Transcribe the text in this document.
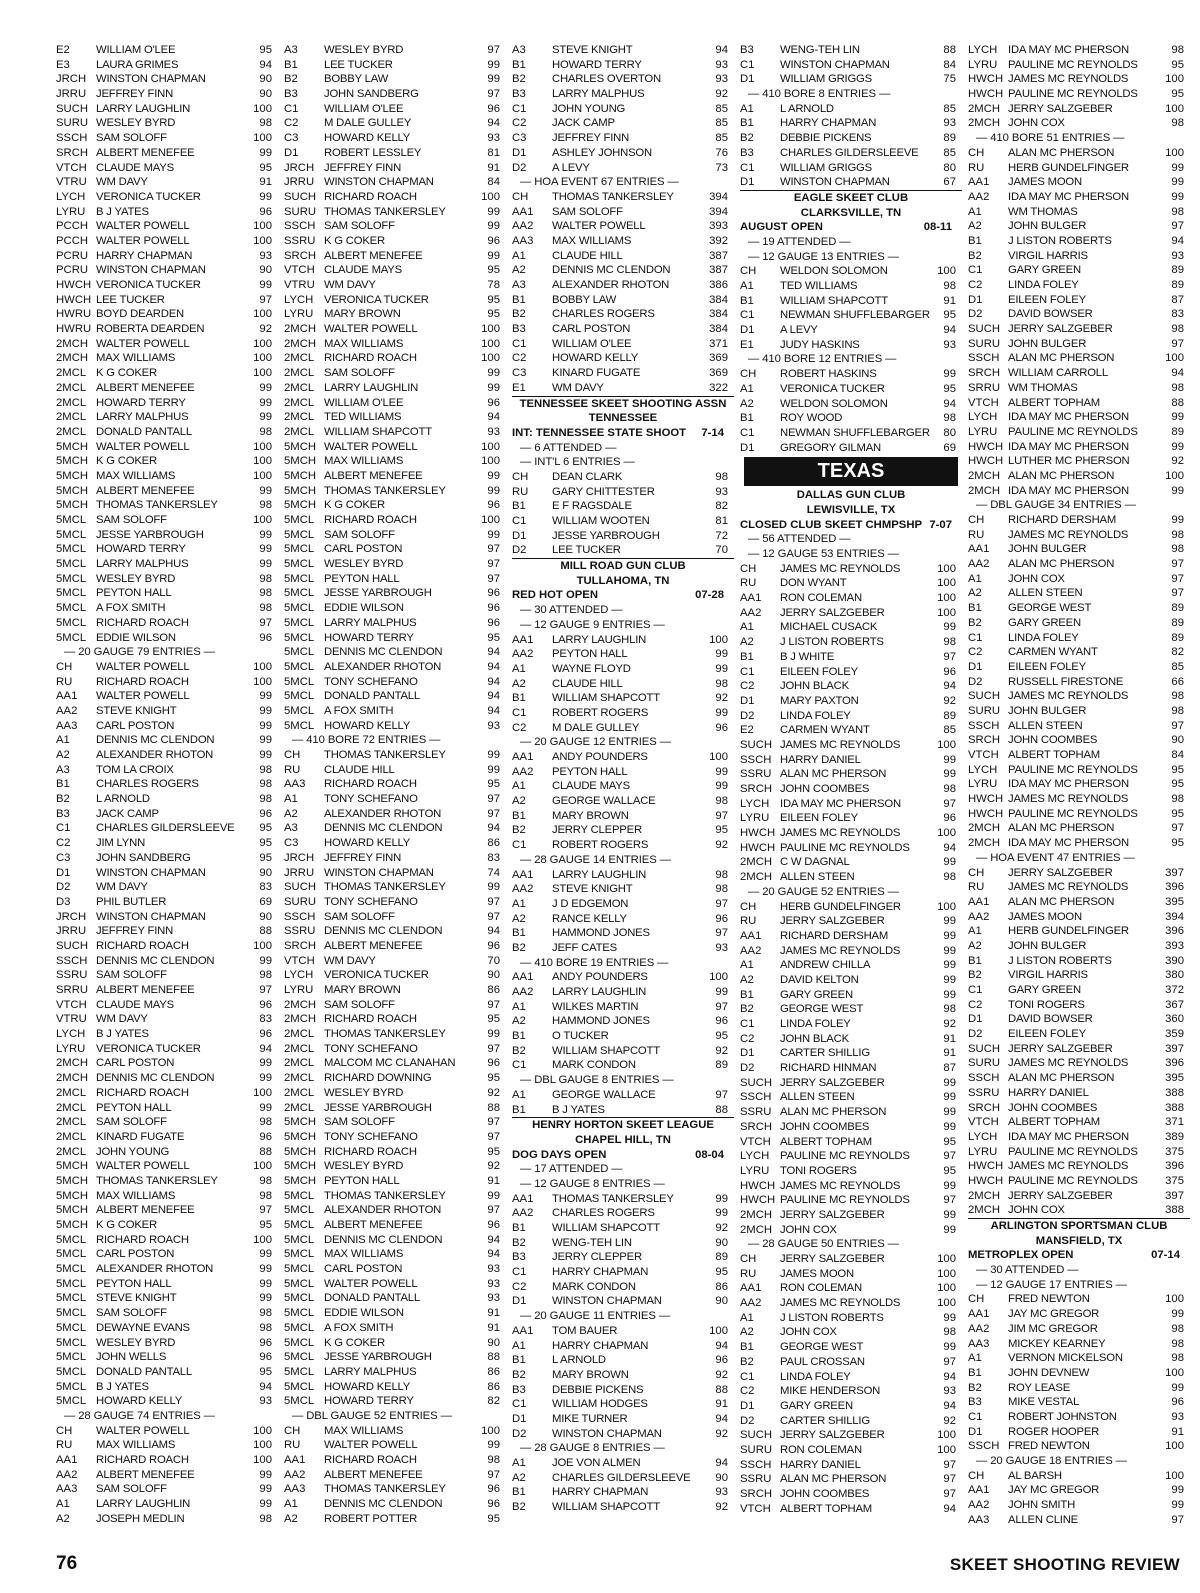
E2 WILLIAM O'LEE	95
E3 LAURA GRIMES	94
JRCH WINSTON CHAPMAN	90
JRRU JEFFREY FINN	90
SUCH LARRY LAUGHLIN	100
SURU WESLEY BYRD	98
SSCH SAM SOLOFF	100
SRCH ALBERT MENEFEE	99
VTCH CLAUDE MAYS	95
VTRU WM DAVY	91
LYCH VERONICA TUCKER	99
LYRU B J YATES	96
PCCH WALTER POWELL	100
PCCH WALTER POWELL	100
PCRU HARRY CHAPMAN	93
PCRU WINSTON CHAPMAN	90
HWCH VERONICA TUCKER	99
HWCH LEE TUCKER	97
HWRU BOYD DEARDEN	100
HWRU ROBERTA DEARDEN	92
2MCH WALTER POWELL	100
2MCH MAX WILLIAMS	100
2MCL K G COKER	100
2MCL ALBERT MENEFEE	99
2MCL HOWARD TERRY	99
2MCL LARRY MALPHUS	99
2MCL DONALD PANTALL	98
5MCH WALTER POWELL	100
5MCH K G COKER	100
5MCH MAX WILLIAMS	100
5MCH ALBERT MENEFEE	99
5MCH THOMAS TANKERSLEY	98
5MCL SAM SOLOFF	100
5MCL JESSE YARBROUGH	99
5MCL HOWARD TERRY	99
5MCL LARRY MALPHUS	99
5MCL WESLEY BYRD	98
5MCL PEYTON HALL	98
5MCL A FOX SMITH	98
5MCL RICHARD ROACH	97
5MCL EDDIE WILSON	96
— 20 GAUGE 79 ENTRIES —
CH WALTER POWELL	100
RU RICHARD ROACH	100
AA1 WALTER POWELL	99
AA2 STEVE KNIGHT	99
AA3 CARL POSTON	99
A1 DENNIS MC CLENDON	99
A2 ALEXANDER RHOTON	99
A3 TOM LA CROIX	98
B1 CHARLES ROGERS	98
B2 L ARNOLD	98
B3 JACK CAMP	96
C1 CHARLES GILDERSLEEVE 95
C2 JIM LYNN	95
C3 JOHN SANDBERG	95
D1 WINSTON CHAPMAN	90
D2 WM DAVY	83
D3 PHIL BUTLER	69
JRCH WINSTON CHAPMAN	90
JRRU JEFFREY FINN	88
SUCH RICHARD ROACH	100
SSCH DENNIS MC CLENDON	99
SSRU SAM SOLOFF	98
SRRU ALBERT MENEFEE	97
VTCH CLAUDE MAYS	96
VTRU WM DAVY	83
LYCH B J YATES	96
LYRU VERONICA TUCKER	94
2MCH CARL POSTON	99
2MCH DENNIS MC CLENDON	99
2MCL RICHARD ROACH	100
2MCL PEYTON HALL	99
2MCL SAM SOLOFF	98
2MCL KINARD FUGATE	96
2MCL JOHN YOUNG	88
5MCH WALTER POWELL	100
5MCH THOMAS TANKERSLEY	98
5MCH MAX WILLIAMS	98
5MCH ALBERT MENEFEE	97
5MCH K G COKER	95
5MCL RICHARD ROACH	100
5MCL CARL POSTON	99
5MCL ALEXANDER RHOTON	99
5MCL PEYTON HALL	99
5MCL STEVE KNIGHT	99
5MCL SAM SOLOFF	98
5MCL DEWAYNE EVANS	98
5MCL WESLEY BYRD	96
5MCL JOHN WELLS	96
5MCL DONALD PANTALL	95
5MCL B J YATES	94
5MCL HOWARD KELLY	93
— 28 GAUGE 74 ENTRIES —
CH WALTER POWELL	100
RU MAX WILLIAMS	100
AA1 RICHARD ROACH	100
AA2 ALBERT MENEFEE	99
AA3 SAM SOLOFF	99
A1 LARRY LAUGHLIN	99
A2 JOSEPH MEDLIN	98
A3 WESLEY BYRD	97
B1 LEE TUCKER	99
B2 BOBBY LAW	99
B3 JOHN SANDBERG	97
C1 WILLIAM O'LEE	96
C2 M DALE GULLEY	94
C3 HOWARD KELLY	93
D1 ROBERT LESSLEY	81
JRCH JEFFREY FINN	91
JRRU WINSTON CHAPMAN	84
SUCH RICHARD ROACH	100
SURU THOMAS TANKERSLEY	99
SSCH SAM SOLOFF	99
SSRU K G COKER	96
SRCH ALBERT MENEFEE	99
VTCH CLAUDE MAYS	95
VTRU WM DAVY	78
LYCH VERONICA TUCKER	95
LYRU MARY BROWN	95
2MCH WALTER POWELL	100
2MCH MAX WILLIAMS	100
2MCL RICHARD ROACH	100
2MCL SAM SOLOFF	99
2MCL LARRY LAUGHLIN	99
2MCL WILLIAM O'LEE	96
2MCL TED WILLIAMS	94
2MCL WILLIAM SHAPCOTT	93
5MCH WALTER POWELL	100
5MCH MAX WILLIAMS	100
5MCH ALBERT MENEFEE	99
5MCH THOMAS TANKERSLEY	99
5MCH K G COKER	96
5MCL RICHARD ROACH	100
5MCL SAM SOLOFF	99
5MCL CARL POSTON	97
5MCL WESLEY BYRD	97
5MCL PEYTON HALL	97
5MCL JESSE YARBROUGH	96
5MCL EDDIE WILSON	96
5MCL LARRY MALPHUS	96
5MCL HOWARD TERRY	95
5MCL DENNIS MC CLENDON	94
5MCL ALEXANDER RHOTON	94
5MCL TONY SCHEFANO	94
5MCL DONALD PANTALL	94
5MCL A FOX SMITH	94
5MCL HOWARD KELLY	93
— 410 BORE 72 ENTRIES —
CH THOMAS TANKERSLEY	99
RU CLAUDE HILL	99
AA3 RICHARD ROACH	95
A1 TONY SCHEFANO	97
A2 ALEXANDER RHOTON	97
A3 DENNIS MC CLENDON	94
C3 HOWARD KELLY	86
JRCH JEFFREY FINN	83
JRRU WINSTON CHAPMAN	74
SUCH THOMAS TANKERSLEY	99
SURU TONY SCHEFANO	97
SSCH SAM SOLOFF	97
SSRU DENNIS MC CLENDON	94
SRCH ALBERT MENEFEE	96
VTCH WM DAVY	70
LYCH VERONICA TUCKER	90
LYRU MARY BROWN	86
2MCH SAM SOLOFF	97
2MCH RICHARD ROACH	95
2MCL THOMAS TANKERSLEY	99
2MCL TONY SCHEFANO	97
2MCL MALCOM MC CLANAHAN	96
2MCL RICHARD DOWNING	95
2MCL WESLEY BYRD	92
2MCL JESSE YARBROUGH	88
5MCH SAM SOLOFF	97
5MCH TONY SCHEFANO	97
5MCH RICHARD ROACH	95
5MCH WESLEY BYRD	92
5MCH PEYTON HALL	91
5MCL THOMAS TANKERSLEY	99
5MCL ALEXANDER RHOTON	97
5MCL ALBERT MENEFEE	96
5MCL DENNIS MC CLENDON	94
5MCL MAX WILLIAMS	94
5MCL CARL POSTON	93
5MCL WALTER POWELL	93
5MCL DONALD PANTALL	93
5MCL EDDIE WILSON	91
5MCL A FOX SMITH	91
5MCL K G COKER	90
5MCL JESSE YARBROUGH	88
5MCL LARRY MALPHUS	86
5MCL HOWARD KELLY	86
5MCL HOWARD TERRY	82
— DBL GAUGE 52 ENTRIES —
CH MAX WILLIAMS	100
RU WALTER POWELL	99
AA1 RICHARD ROACH	98
AA2 ALBERT MENEFEE	97
AA3 THOMAS TANKERSLEY	96
A1 DENNIS MC CLENDON	96
A2 ROBERT POTTER	95
A3 STEVE KNIGHT	94
B1 HOWARD TERRY	93
B2 CHARLES OVERTON	93
B3 LARRY MALPHUS	92
C1 JOHN YOUNG	85
C2 JACK CAMP	85
C3 JEFFREY FINN	85
D1 ASHLEY JOHNSON	76
D2 A LEVY	73
— HOA EVENT 67 ENTRIES —
CH THOMAS TANKERSLEY	394
AA1 SAM SOLOFF	394
AA2 WALTER POWELL	393
AA3 MAX WILLIAMS	392
A1 CLAUDE HILL	387
A2 DENNIS MC CLENDON	387
A3 ALEXANDER RHOTON	386
B1 BOBBY LAW	384
B2 CHARLES ROGERS	384
B3 CARL POSTON	384
C1 WILLIAM O'LEE	371
C2 HOWARD KELLY	369
C3 KINARD FUGATE	369
E1 WM DAVY	322
TENNESSEE SKEET SHOOTING ASSN
TENNESSEE
INT: TENNESSEE STATE SHOOT 7-14
— 6 ATTENDED —
— INT'L 6 ENTRIES —
CH DEAN CLARK	98
RU GARY CHITTESTER	93
B1 E F RAGSDALE	82
C1 WILLIAM WOOTEN	81
D1 JESSE YARBROUGH	72
D2 LEE TUCKER	70
MILL ROAD GUN CLUB
TULLAHOMA, TN
RED HOT OPEN	07-28
— 30 ATTENDED —
— 12 GAUGE 9 ENTRIES —
AA1 LARRY LAUGHLIN	100
AA2 PEYTON HALL	99
A1 WAYNE FLOYD	99
A2 CLAUDE HILL	98
B1 WILLIAM SHAPCOTT	92
C1 ROBERT ROGERS	99
C2 M DALE GULLEY	96
— 20 GAUGE 12 ENTRIES —
AA1 ANDY POUNDERS	100
AA2 PEYTON HALL	99
A1 CLAUDE MAYS	99
A2 GEORGE WALLACE	98
B1 MARY BROWN	97
B2 JERRY CLEPPER	95
C1 ROBERT ROGERS	92
— 28 GAUGE 14 ENTRIES —
AA1 LARRY LAUGHLIN	98
AA2 STEVE KNIGHT	98
A1 J D EDGEMON	97
A2 RANCE KELLY	96
B1 HAMMOND JONES	97
B2 JEFF CATES	93
— 410 BORE 19 ENTRIES —
AA1 ANDY POUNDERS	100
AA2 LARRY LAUGHLIN	99
A1 WILKES MARTIN	97
A2 HAMMOND JONES	96
B1 O TUCKER	95
B2 WILLIAM SHAPCOTT	92
C1 MARK CONDON	89
— DBL GAUGE 8 ENTRIES —
A1 GEORGE WALLACE	97
B1 B J YATES	88
HENRY HORTON SKEET LEAGUE
CHAPEL HILL, TN
DOG DAYS OPEN	08-04
— 17 ATTENDED —
— 12 GAUGE 8 ENTRIES —
AA1 THOMAS TANKERSLEY	99
AA2 CHARLES ROGERS	99
B1 WILLIAM SHAPCOTT	92
B2 WENG-TEH LIN	90
B3 JERRY CLEPPER	89
C1 HARRY CHAPMAN	95
C2 MARK CONDON	86
D1 WINSTON CHAPMAN	90
— 20 GAUGE 11 ENTRIES —
AA1 TOM BAUER	100
A1 HARRY CHAPMAN	94
B1 L ARNOLD	96
B2 MARY BROWN	92
B3 DEBBIE PICKENS	88
C1 WILLIAM HODGES	91
D1 MIKE TURNER	94
D2 WINSTON CHAPMAN	92
— 28 GAUGE 8 ENTRIES —
A1 JOE VON ALMEN	94
A2 CHARLES GILDERSLEEVE 90
B1 HARRY CHAPMAN	93
B2 WILLIAM SHAPCOTT	92
B3 WENG-TEH LIN	88
C1 WINSTON CHAPMAN	84
D1 WILLIAM GRIGGS	75
— 410 BORE 8 ENTRIES —
A1 L ARNOLD	85
B1 HARRY CHAPMAN	93
B2 DEBBIE PICKENS	89
B3 CHARLES GILDERSLEEVE 85
C1 WILLIAM GRIGGS	80
D1 WINSTON CHAPMAN	67
EAGLE SKEET CLUB
CLARKSVILLE, TN
AUGUST OPEN	08-11
— 19 ATTENDED —
— 12 GAUGE 13 ENTRIES —
CH WELDON SOLOMON	100
A1 TED WILLIAMS	98
B1 WILLIAM SHAPCOTT	91
C1 NEWMAN SHUFFLEBARGER 95
D1 A LEVY	94
E1 JUDY HASKINS	93
— 410 BORE 12 ENTRIES —
CH ROBERT HASKINS	99
A1 VERONICA TUCKER	95
A2 WELDON SOLOMON	94
B1 ROY WOOD	98
C1 NEWMAN SHUFFLEBARGER 80
D1 GREGORY GILMAN	69
TEXAS
DALLAS GUN CLUB
LEWISVILLE, TX
CLOSED CLUB SKEET CHMPSHP 7-07
— 56 ATTENDED —
— 12 GAUGE 53 ENTRIES —
CH JAMES MC REYNOLDS	100
RU DON WYANT	100
AA1 RON COLEMAN	100
AA2 JERRY SALZGEBER	100
A1 MICHAEL CUSACK	99
A2 J LISTON ROBERTS	98
B1 B J WHITE	97
C1 EILEEN FOLEY	96
C2 JOHN BLACK	94
D1 MARY PAXTON	92
D2 LINDA FOLEY	89
E2 CARMEN WYANT	85
SUCH JAMES MC REYNOLDS	100
SSCH HARRY DANIEL	99
SSRU ALAN MC PHERSON	99
SRCH JOHN COOMBES	98
LYCH IDA MAY MC PHERSON	97
LYRU EILEEN FOLEY	96
HWCH JAMES MC REYNOLDS	100
HWCH PAULINE MC REYNOLDS	94
2MCH C W DAGNAL	99
2MCH ALLEN STEEN	98
— 20 GAUGE 52 ENTRIES —
CH HERB GUNDELFINGER	100
RU JERRY SALZGEBER	99
AA1 RICHARD DERSHAM	99
AA2 JAMES MC REYNOLDS	99
A1 ANDREW CHILLA	99
A2 DAVID KELTON	99
B1 GARY GREEN	99
B2 GEORGE WEST	98
C1 LINDA FOLEY	92
C2 JOHN BLACK	91
D1 CARTER SHILLIG	91
D2 RICHARD HINMAN	87
SUCH JERRY SALZGEBER	99
SSCH ALLEN STEEN	99
SSRU ALAN MC PHERSON	99
SRCH JOHN COOMBES	99
VTCH ALBERT TOPHAM	95
LYCH PAULINE MC REYNOLDS	97
LYRU TONI ROGERS	95
HWCH JAMES MC REYNOLDS	99
HWCH PAULINE MC REYNOLDS	97
2MCH JERRY SALZGEBER	99
2MCH JOHN COX	99
— 28 GAUGE 50 ENTRIES —
CH JERRY SALZGEBER	100
RU JAMES MOON	100
AA1 RON COLEMAN	100
AA2 JAMES MC REYNOLDS	100
A1 J LISTON ROBERTS	99
A2 JOHN COX	98
B1 GEORGE WEST	99
B2 PAUL CROSSAN	97
C1 LINDA FOLEY	94
C2 MIKE HENDERSON	93
D1 GARY GREEN	94
D2 CARTER SHILLIG	92
SUCH JERRY SALZGEBER	100
SURU RON COLEMAN	100
SSCH HARRY DANIEL	97
SSRU ALAN MC PHERSON	97
SRCH JOHN COOMBES	97
VTCH ALBERT TOPHAM	94
LYCH IDA MAY MC PHERSON	98
LYRU PAULINE MC REYNOLDS	95
HWCH JAMES MC REYNOLDS	100
HWCH PAULINE MC REYNOLDS	95
2MCH JERRY SALZGEBER	100
2MCH JOHN COX	98
— 410 BORE 51 ENTRIES —
CH ALAN MC PHERSON	100
RU HERB GUNDELFINGER	99
AA1 JAMES MOON	99
AA2 IDA MAY MC PHERSON	99
A1 WM THOMAS	98
A2 JOHN BULGER	97
B1 J LISTON ROBERTS	94
B2 VIRGIL HARRIS	93
C1 GARY GREEN	89
C2 LINDA FOLEY	89
D1 EILEEN FOLEY	87
D2 DAVID BOWSER	83
SUCH JERRY SALZGEBER	98
SURU JOHN BULGER	97
SSCH ALAN MC PHERSON	100
SRCH WILLIAM CARROLL	94
SRRU WM THOMAS	98
VTCH ALBERT TOPHAM	88
LYCH IDA MAY MC PHERSON	99
LYRU PAULINE MC REYNOLDS	89
HWCH IDA MAY MC PHERSON	99
HWCH LUTHER MC PHERSON	92
2MCH ALAN MC PHERSON	100
2MCH IDA MAY MC PHERSON	99
— DBL GAUGE 34 ENTRIES —
CH RICHARD DERSHAM	99
RU JAMES MC REYNOLDS	98
AA1 JOHN BULGER	98
AA2 ALAN MC PHERSON	97
A1 JOHN COX	97
A2 ALLEN STEEN	97
B1 GEORGE WEST	89
B2 GARY GREEN	89
C1 LINDA FOLEY	89
C2 CARMEN WYANT	82
D1 EILEEN FOLEY	85
D2 RUSSELL FIRESTONE	66
SUCH JAMES MC REYNOLDS	98
SURU JOHN BULGER	98
SSCH ALLEN STEEN	97
SRCH JOHN COOMBES	90
VTCH ALBERT TOPHAM	84
LYCH PAULINE MC REYNOLDS	95
LYRU IDA MAY MC PHERSON	95
HWCH JAMES MC REYNOLDS	98
HWCH PAULINE MC REYNOLDS	95
2MCH ALAN MC PHERSON	97
2MCH IDA MAY MC PHERSON	95
— HOA EVENT 47 ENTRIES —
CH JERRY SALZGEBER	397
RU JAMES MC REYNOLDS	396
AA1 ALAN MC PHERSON	395
AA2 JAMES MOON	394
A1 HERB GUNDELFINGER	396
A2 JOHN BULGER	393
B1 J LISTON ROBERTS	390
B2 VIRGIL HARRIS	380
C1 GARY GREEN	372
C2 TONI ROGERS	367
D1 DAVID BOWSER	360
D2 EILEEN FOLEY	359
SUCH JERRY SALZGEBER	397
SURU JAMES MC REYNOLDS	396
SSCH ALAN MC PHERSON	395
SSRU HARRY DANIEL	388
SRCH JOHN COOMBES	388
VTCH ALBERT TOPHAM	371
LYCH IDA MAY MC PHERSON	389
LYRU PAULINE MC REYNOLDS 375
HWCH JAMES MC REYNOLDS	396
HWCH PAULINE MC REYNOLDS 375
2MCH JERRY SALZGEBER	397
2MCH JOHN COX	388
ARLINGTON SPORTSMAN CLUB
MANSFIELD, TX
METROPLEX OPEN	07-14
— 30 ATTENDED —
— 12 GAUGE 17 ENTRIES —
CH FRED NEWTON	100
AA1 JAY MC GREGOR	99
AA2 JIM MC GREGOR	98
AA3 MICKEY KEARNEY	98
A1 VERNON MICKELSON	98
B1 JOHN DEVNEW	100
B2 ROY LEASE	99
B3 MIKE VESTAL	96
C1 ROBERT JOHNSTON	93
D1 ROGER HOOPER	91
SSCH FRED NEWTON	100
— 20 GAUGE 18 ENTRIES —
CH AL BARSH	100
AA1 JAY MC GREGOR	99
AA2 JOHN SMITH	99
AA3 ALLEN CLINE	97
76	SKEET SHOOTING REVIEW
